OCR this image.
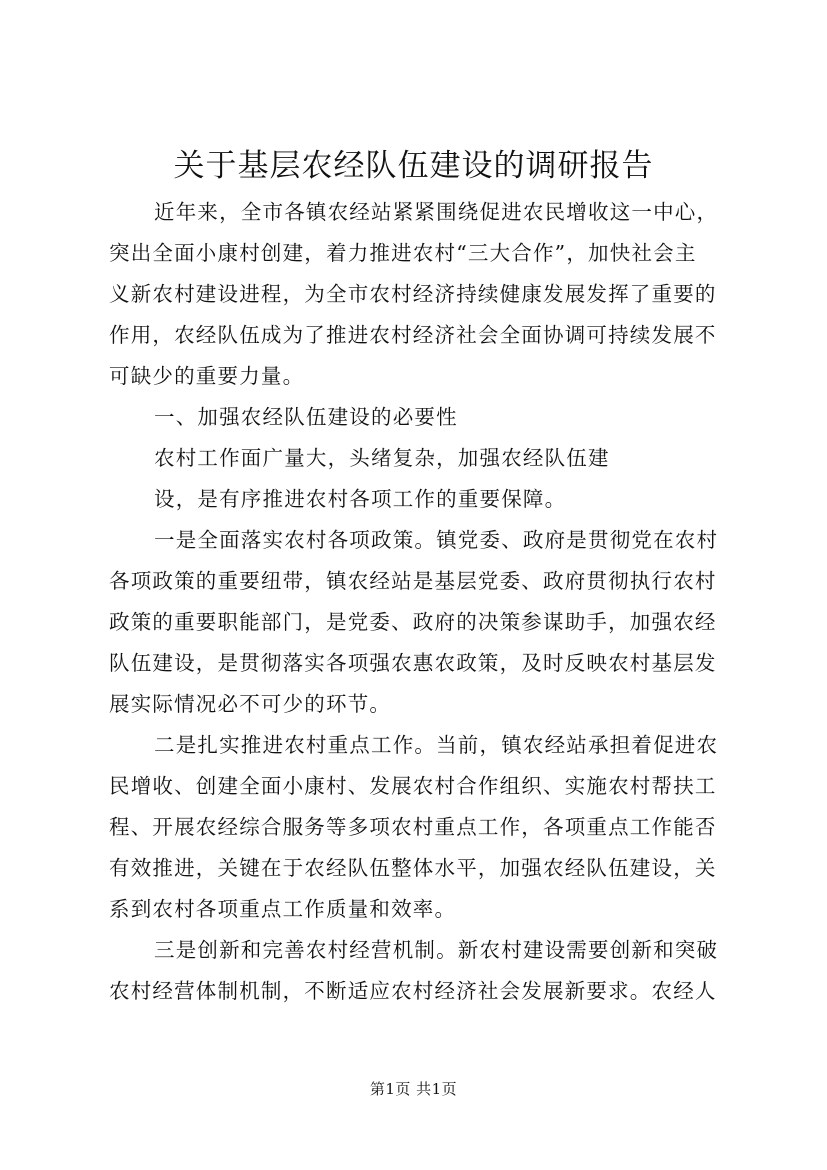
关于基层农经队伍建设的调研报告
近年来，全市各镇农经站紧紧围绕促进农民增收这一中心，
突出全面小康村创建，着力推进农村“三大合作”，加快社会主
义新农村建设进程，为全市农村经济持续健康发展发挥了重要的
作用，农经队伍成为了推进农村经济社会全面协调可持续发展不
可缺少的重要力量。
一、加强农经队伍建设的必要性
农村工作面广量大，头绪复杂，加强农经队伍建
设，是有序推进农村各项工作的重要保障。
一是全面落实农村各项政策。镇党委、政府是贯彻党在农村
各项政策的重要纽带，镇农经站是基层党委、政府贯彻执行农村
政策的重要职能部门，是党委、政府的决策参谋助手，加强农经
队伍建设，是贯彻落实各项强农惠农政策，及时反映农村基层发
展实际情况必不可少的环节。
二是扎实推进农村重点工作。当前，镇农经站承担着促进农
民增收、创建全面小康村、发展农村合作组织、实施农村帮扶工
程、开展农经综合服务等多项农村重点工作，各项重点工作能否
有效推进，关键在于农经队伍整体水平，加强农经队伍建设，关
系到农村各项重点工作质量和效率。
三是创新和完善农村经营机制。新农村建设需要创新和突破
农村经营体制机制，不断适应农村经济社会发展新要求。农经人
第1页 共1页
